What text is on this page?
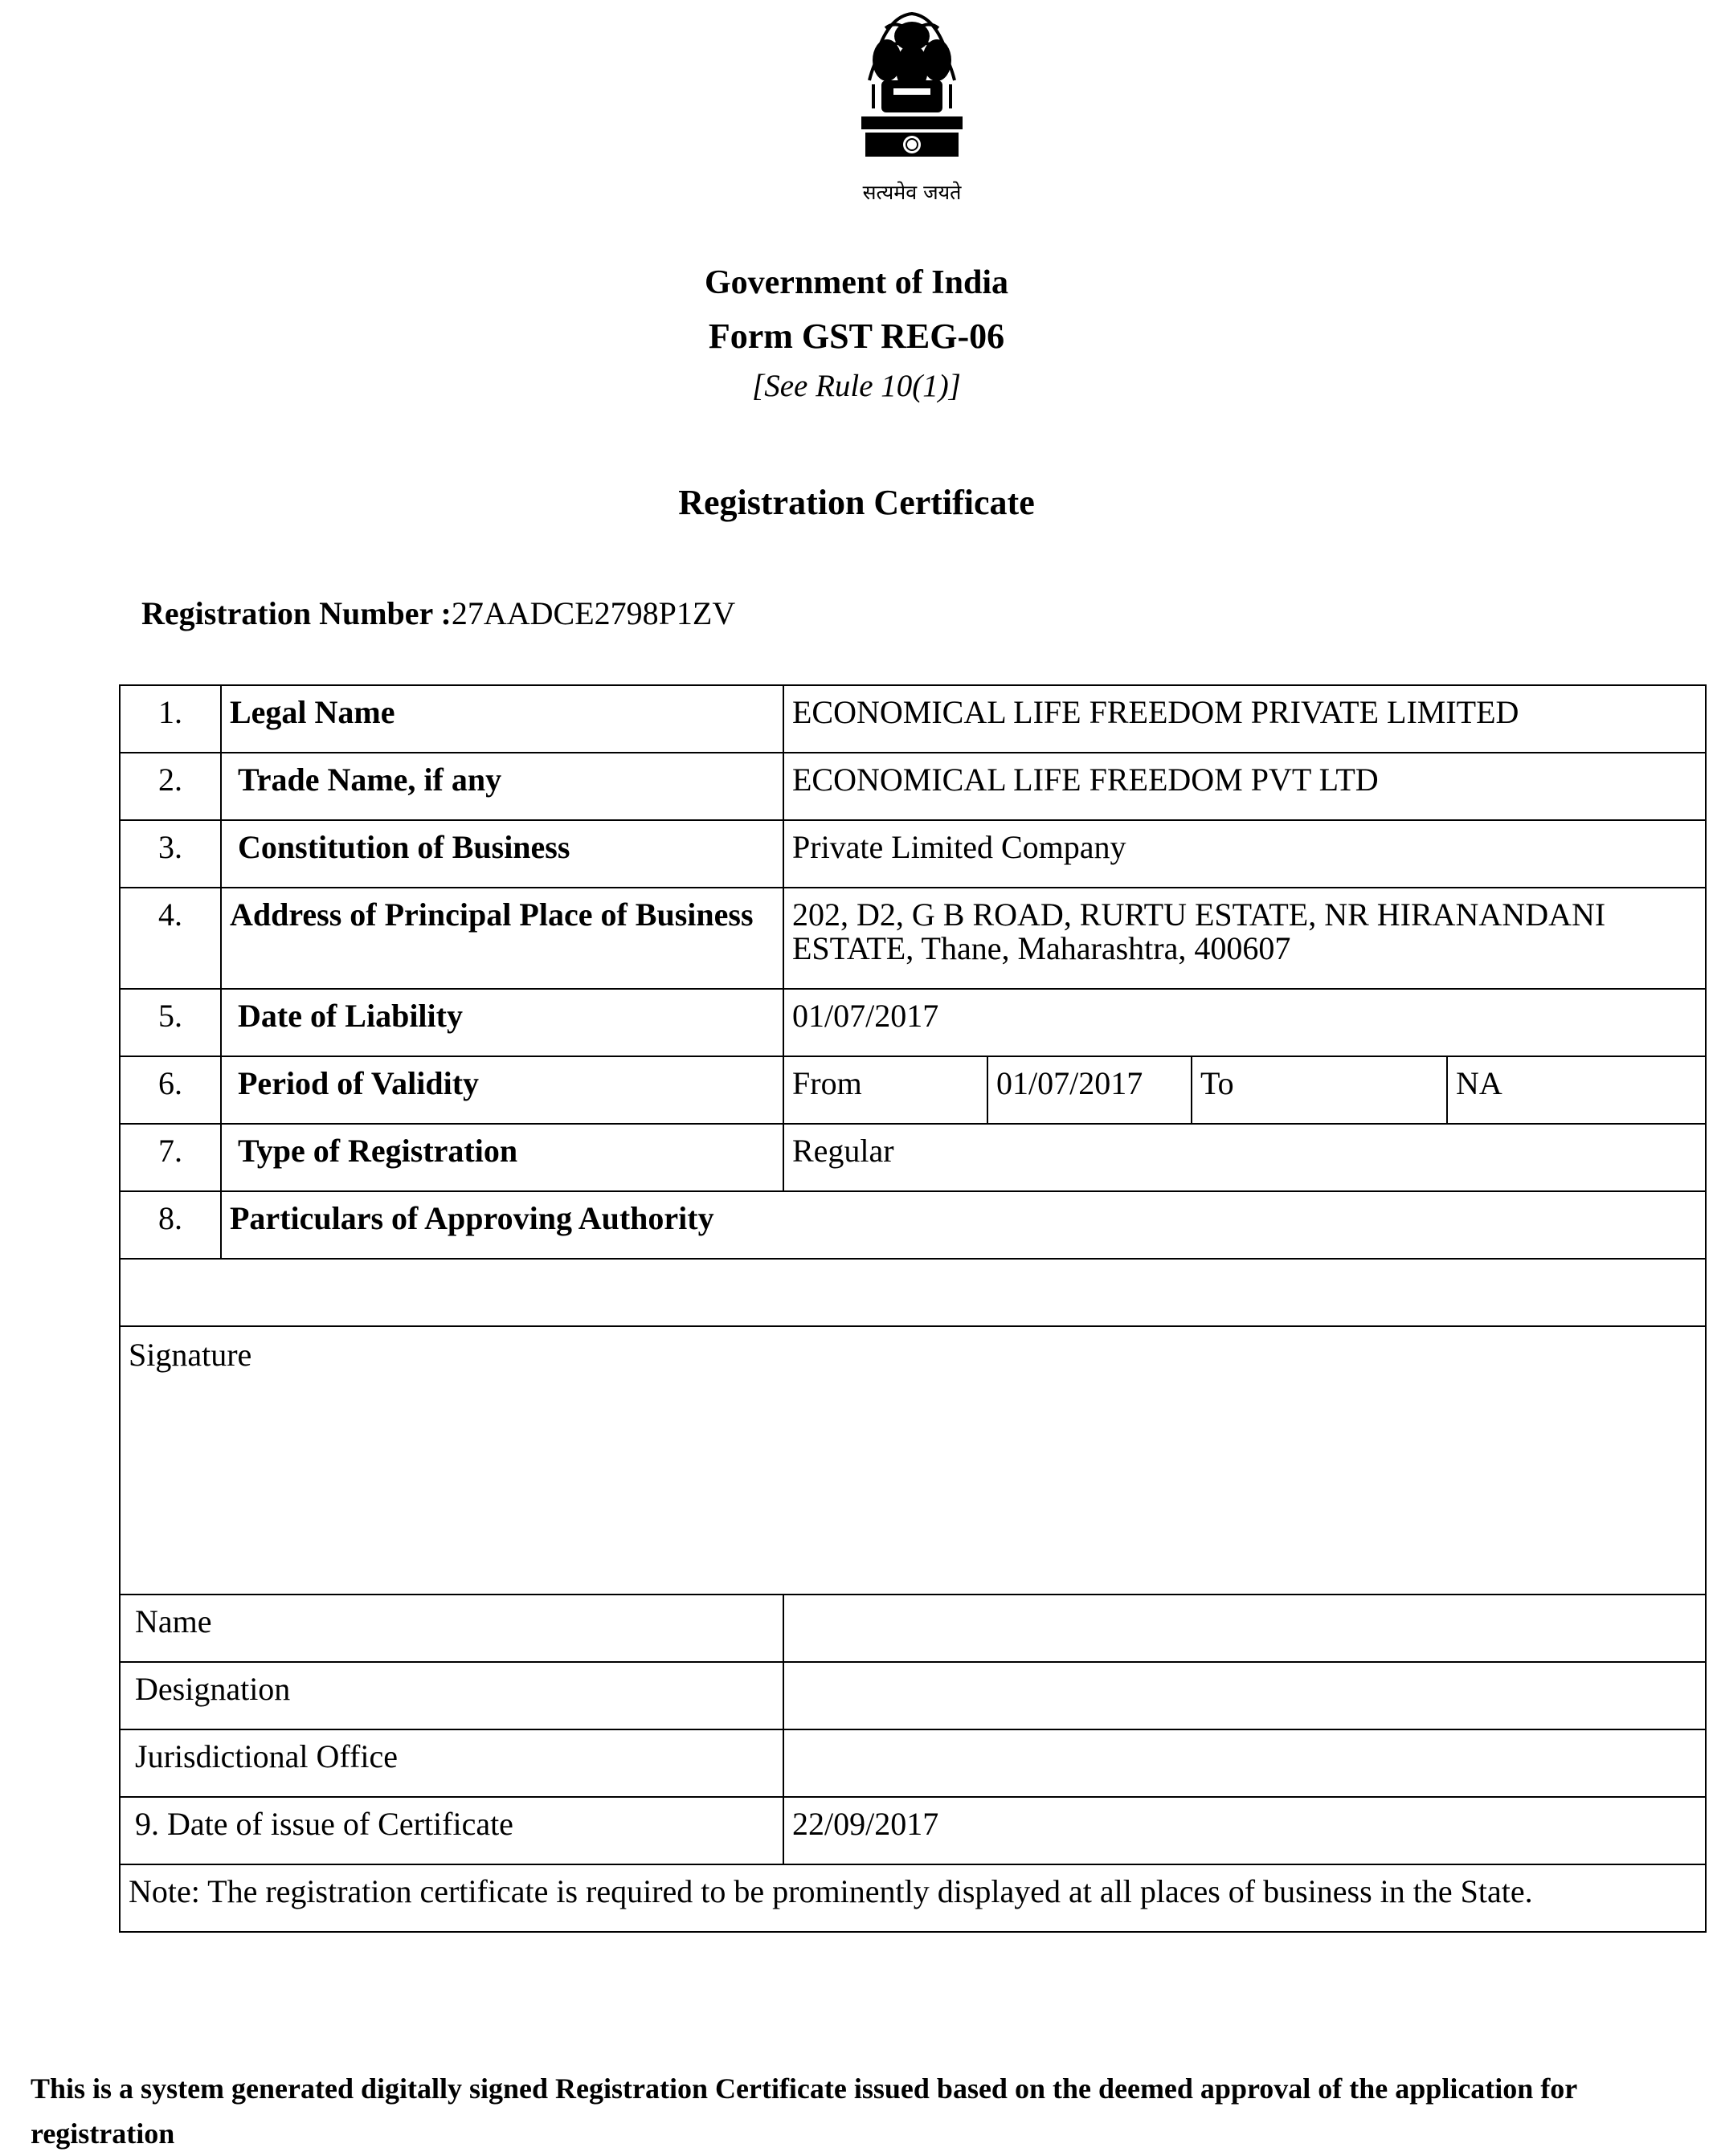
सत्यमेव जयते
Government of India
Form GST REG-06
[See Rule 10(1)]
Registration Certificate
Registration Number :27AADCE2798P1ZV
1.	Legal Name	ECONOMICAL LIFE FREEDOM PRIVATE LIMITED			
2.	Trade Name, if any	ECONOMICAL LIFE FREEDOM PVT LTD			
3.	Constitution of Business	Private Limited Company			
4.	Address of Principal Place of Business	202, D2, G B ROAD, RURTU ESTATE, NR HIRANANDANI ESTATE, Thane, Maharashtra, 400607			
5.	Date of Liability	01/07/2017			
6.	Period of Validity	From	01/07/2017	To	NA
7.	Type of Registration	Regular			
8.	Particulars of Approving Authority				

Signature					
Name					
Designation					
Jurisdictional Office					
9. Date of issue of Certificate		22/09/2017			
Note: The registration certificate is required to be prominently displayed at all places of business in the State.					
This is a system generated digitally signed Registration Certificate issued based on the deemed approval of the application for registration
